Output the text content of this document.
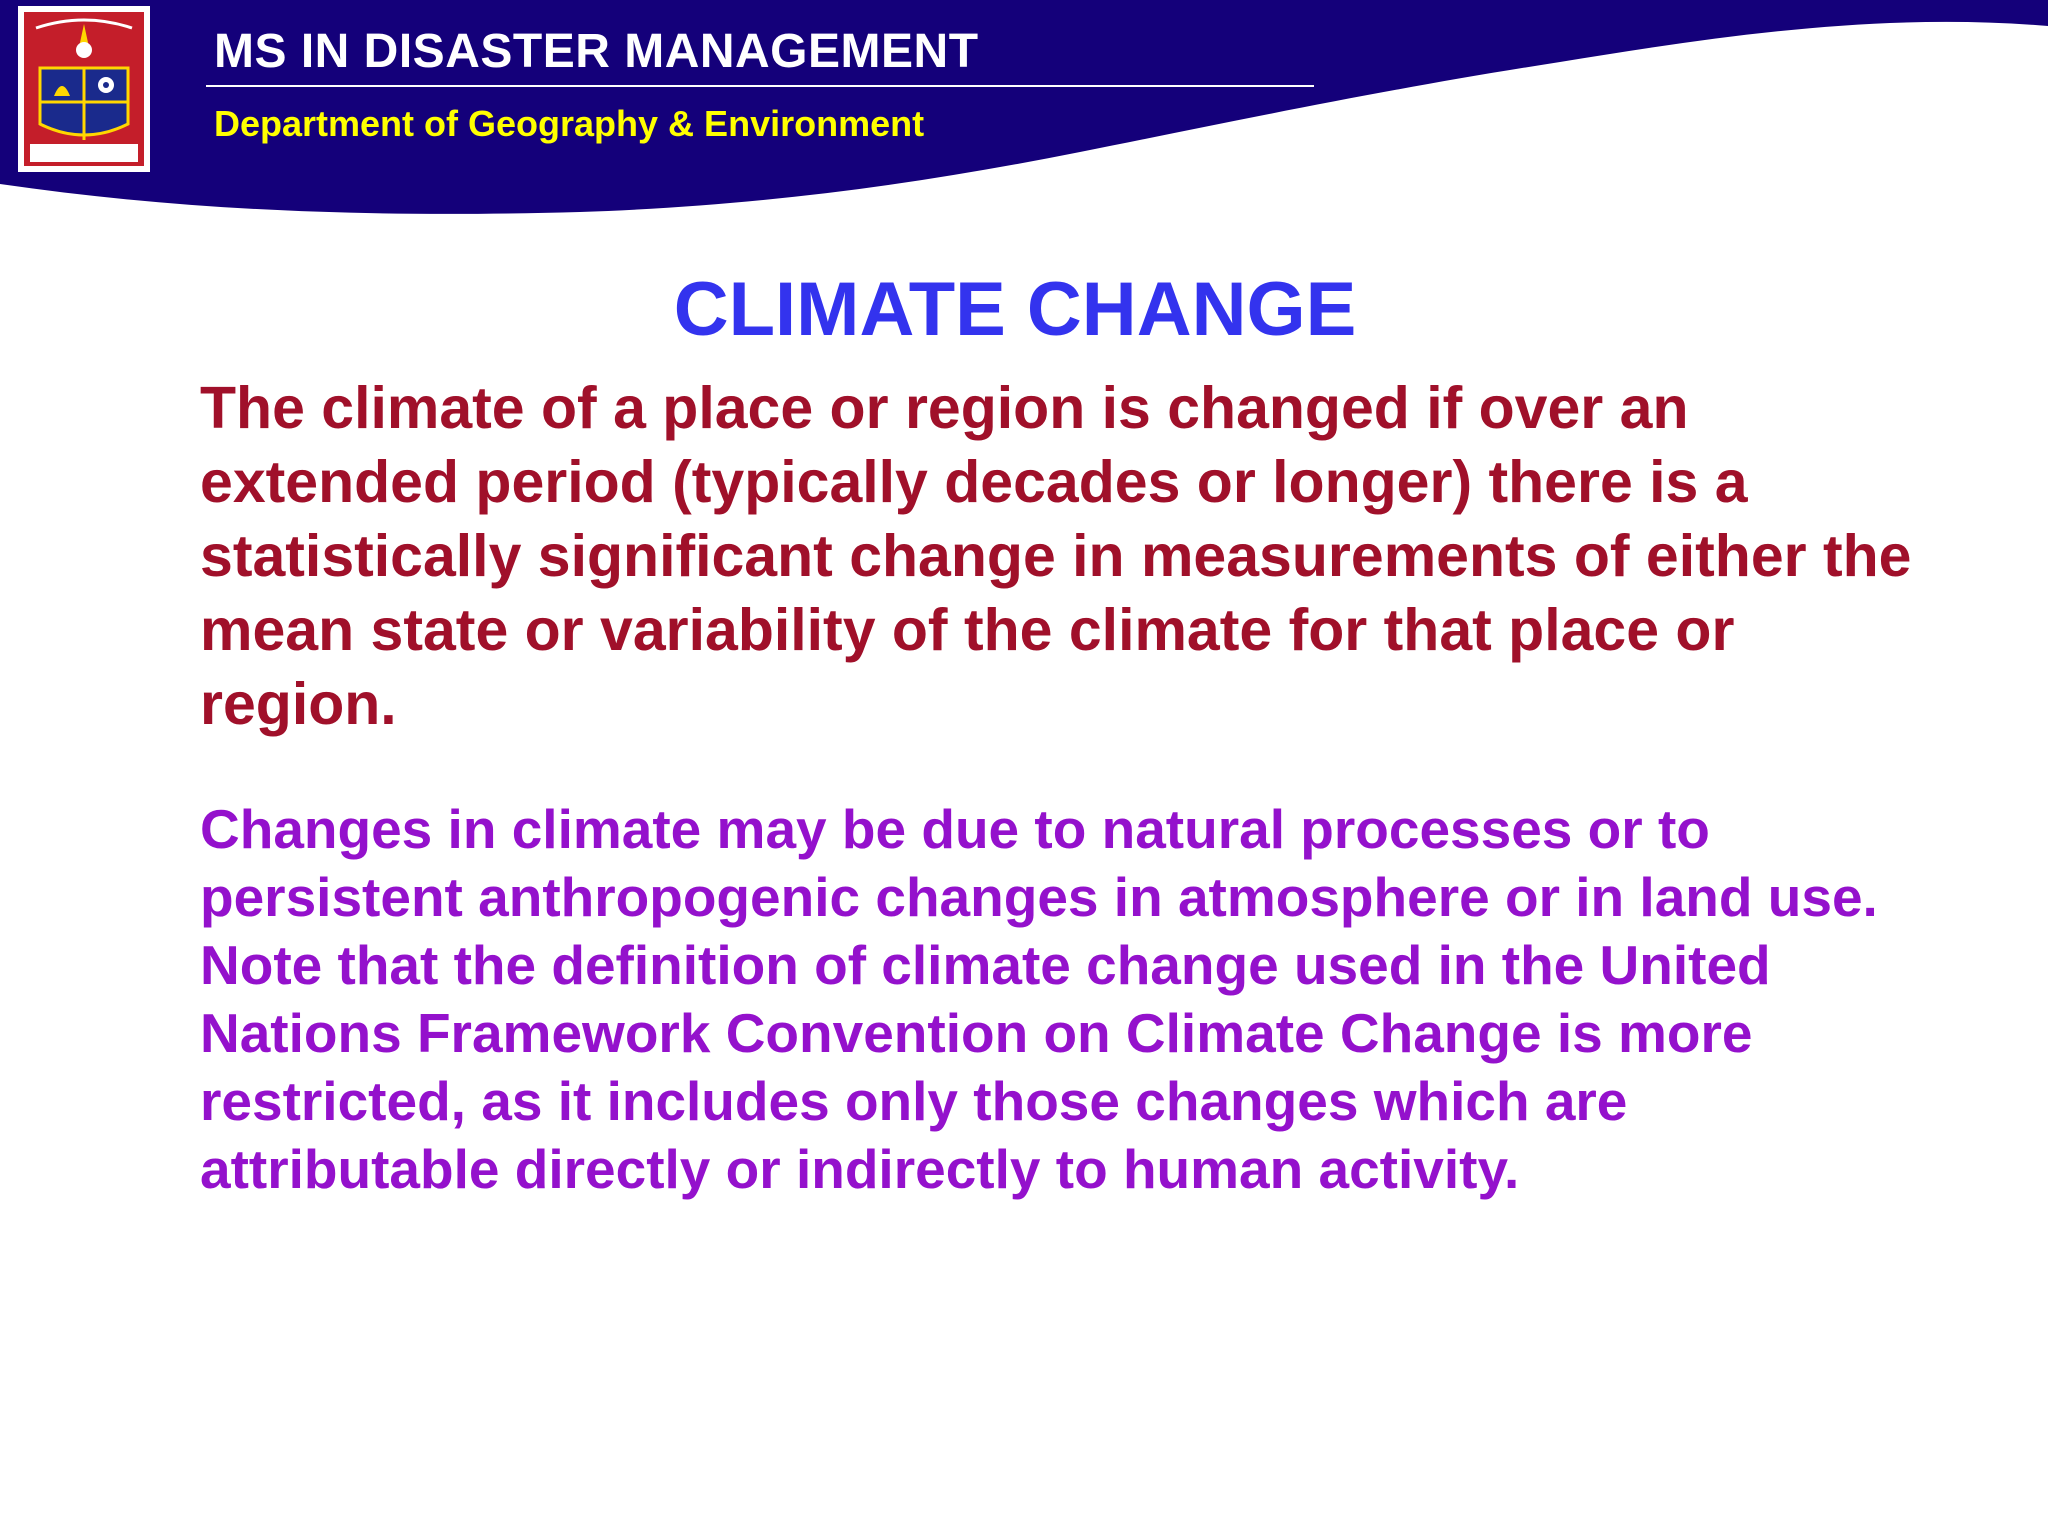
MS IN DISASTER MANAGEMENT
Department of Geography & Environment
CLIMATE CHANGE

The climate of a place or region is changed if over an extended period (typically decades or longer) there is a statistically significant change in measurements of either the mean state or variability of the climate for that place or region.

Changes in climate may be due to natural processes or to persistent anthropogenic changes in atmosphere or in land use. Note that the definition of climate change used in the United Nations Framework Convention on Climate Change is more restricted, as it includes only those changes which are attributable directly or indirectly to human activity.
